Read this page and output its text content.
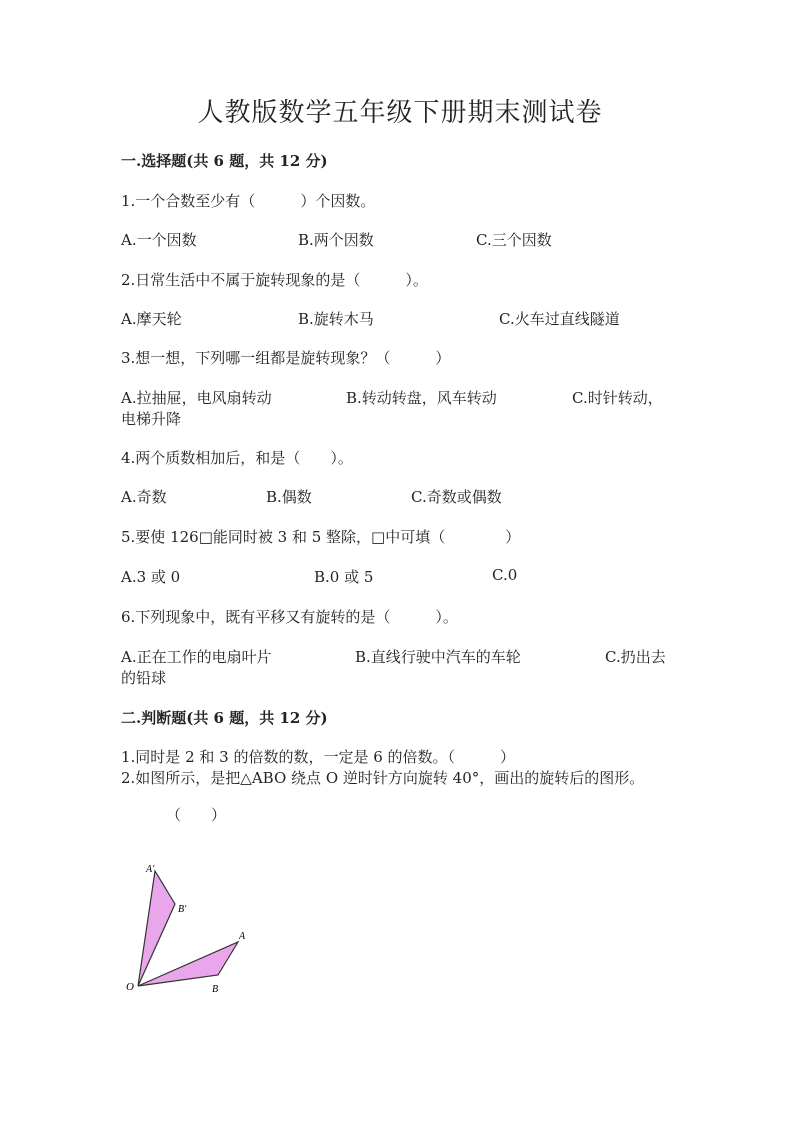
人教版数学五年级下册期末测试卷
一.选择题(共 6 题，共 12 分)
1.一个合数至少有（　　　）个因数。
A.一个因数	B.两个因数	C.三个因数
2.日常生活中不属于旋转现象的是（　　　）。
A.摩天轮	B.旋转木马	C.火车过直线隧道
3.想一想，下列哪一组都是旋转现象？（　　　）
A.拉抽屉，电风扇转动	B.转动转盘，风车转动	C.时针转动，
电梯升降
4.两个质数相加后，和是（　　）。
A.奇数	B.偶数	C.奇数或偶数
5.要使 126□能同时被 3 和 5 整除，□中可填（　　　　）
A.3 或 0	B.0 或 5	C.0
6.下列现象中，既有平移又有旋转的是（　　　）。
A.正在工作的电扇叶片	B.直线行驶中汽车的车轮	C.扔出去
的铅球
二.判断题(共 6 题，共 12 分)
1.同时是 2 和 3 的倍数的数，一定是 6 的倍数。（　　　）
2.如图所示，是把△ABO 绕点 O 逆时针方向旋转 40°，画出的旋转后的图形。
（　　）
A'
B'
A
B
O
